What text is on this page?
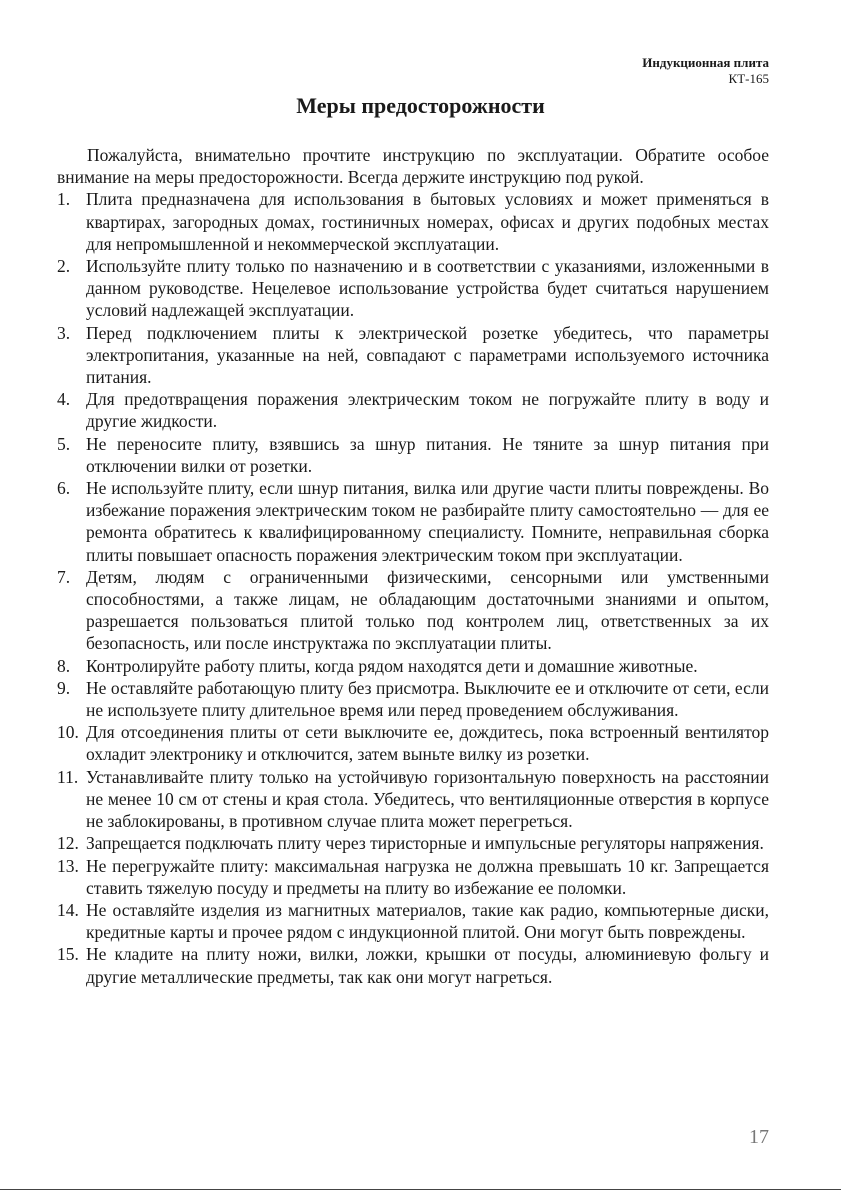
Индукционная плита
КТ-165
Меры предосторожности

Пожалуйста, внимательно прочтите инструкцию по эксплуатации. Обратите особое внимание на меры предосторожности. Всегда держите инструкцию под рукой.

1. Плита предназначена для использования в бытовых условиях и может применяться в квартирах, загородных домах, гостиничных номерах, офисах и других подобных местах для непромышленной и некоммерческой эксплуатации.
2. Используйте плиту только по назначению и в соответствии с указаниями, изложенными в данном руководстве. Нецелевое использование устройства будет считаться нарушением условий надлежащей эксплуатации.
3. Перед подключением плиты к электрической розетке убедитесь, что параметры электропитания, указанные на ней, совпадают с параметрами используемого источника питания.
4. Для предотвращения поражения электрическим током не погружайте плиту в воду и другие жидкости.
5. Не переносите плиту, взявшись за шнур питания. Не тяните за шнур питания при отключении вилки от розетки.
6. Не используйте плиту, если шнур питания, вилка или другие части плиты повреждены. Во избежание поражения электрическим током не разбирайте плиту самостоятельно — для ее ремонта обратитесь к квалифицированному специалисту. Помните, неправильная сборка плиты повышает опасность поражения электрическим током при эксплуатации.
7. Детям, людям с ограниченными физическими, сенсорными или умственными способностями, а также лицам, не обладающим достаточными знаниями и опытом, разрешается пользоваться плитой только под контролем лиц, ответственных за их безопасность, или после инструктажа по эксплуатации плиты.
8. Контролируйте работу плиты, когда рядом находятся дети и домашние животные.
9. Не оставляйте работающую плиту без присмотра. Выключите ее и отключите от сети, если не используете плиту длительное время или перед проведением обслуживания.
10. Для отсоединения плиты от сети выключите ее, дождитесь, пока встроенный вентилятор охладит электронику и отключится, затем выньте вилку из розетки.
11. Устанавливайте плиту только на устойчивую горизонтальную поверхность на расстоянии не менее 10 см от стены и края стола. Убедитесь, что вентиляционные отверстия в корпусе не заблокированы, в противном случае плита может перегреться.
12. Запрещается подключать плиту через тиристорные и импульсные регуляторы напряжения.
13. Не перегружайте плиту: максимальная нагрузка не должна превышать 10 кг. Запрещается ставить тяжелую посуду и предметы на плиту во избежание ее поломки.
14. Не оставляйте изделия из магнитных материалов, такие как радио, компьютерные диски, кредитные карты и прочее рядом с индукционной плитой. Они могут быть повреждены.
15. Не кладите на плиту ножи, вилки, ложки, крышки от посуды, алюминиевую фольгу и другие металлические предметы, так как они могут нагреться.
17
